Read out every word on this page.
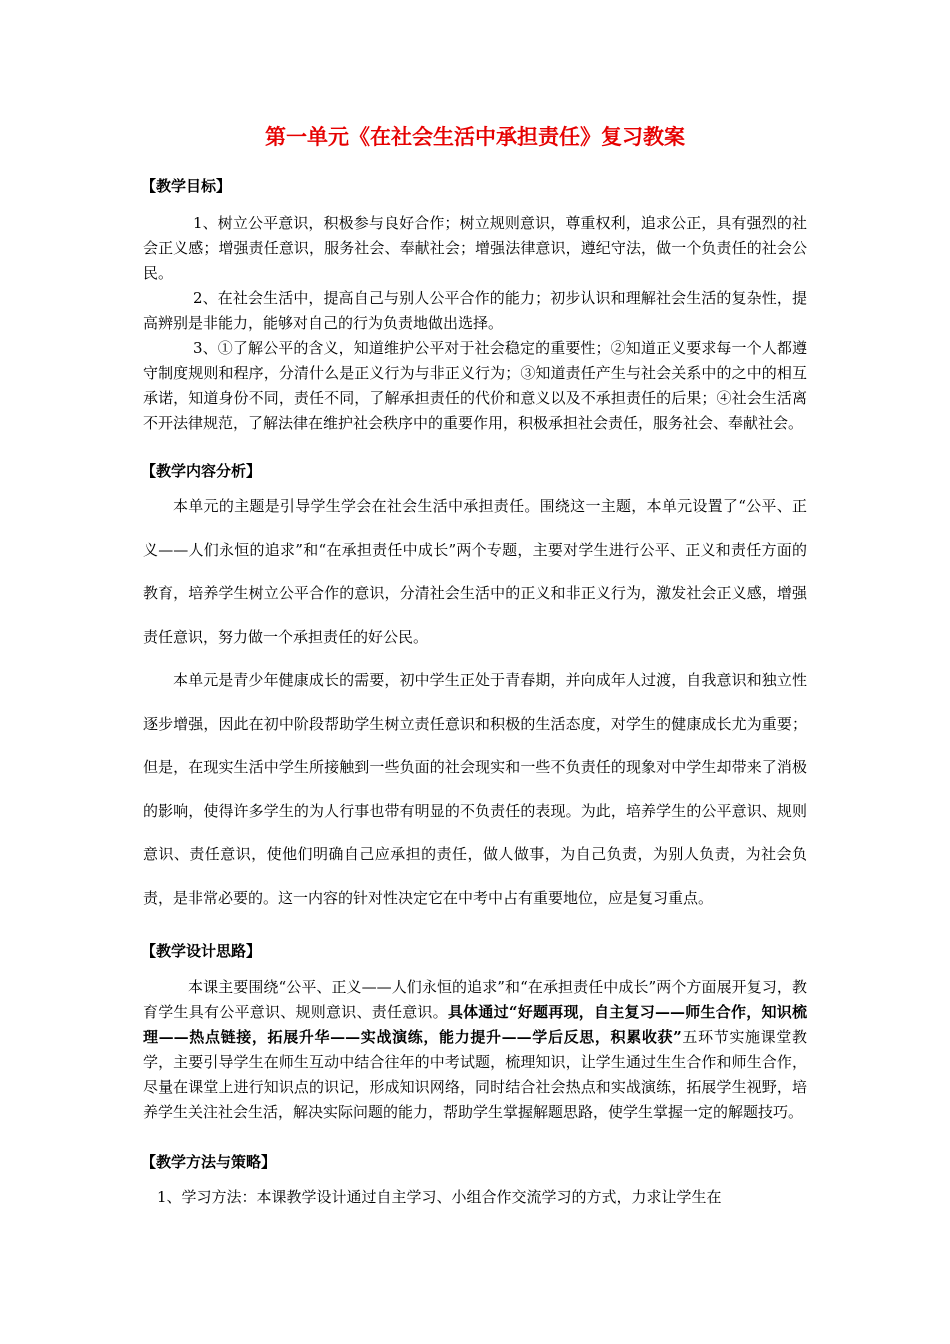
第一单元《在社会生活中承担责任》复习教案
【教学目标】
1、树立公平意识，积极参与良好合作；树立规则意识，尊重权利，追求公正，具有强烈的社会正义感；增强责任意识，服务社会、奉献社会；增强法律意识，遵纪守法，做一个负责任的社会公民。
2、在社会生活中，提高自己与别人公平合作的能力；初步认识和理解社会生活的复杂性，提高辨别是非能力，能够对自己的行为负责地做出选择。
3、①了解公平的含义，知道维护公平对于社会稳定的重要性；②知道正义要求每一个人都遵守制度规则和程序，分清什么是正义行为与非正义行为；③知道责任产生与社会关系中的之中的相互承诺，知道身份不同，责任不同，了解承担责任的代价和意义以及不承担责任的后果；④社会生活离不开法律规范，了解法律在维护社会秩序中的重要作用，积极承担社会责任，服务社会、奉献社会。
【教学内容分析】
本单元的主题是引导学生学会在社会生活中承担责任。围绕这一主题，本单元设置了“公平、正义——人们永恒的追求”和“在承担责任中成长”两个专题，主要对学生进行公平、正义和责任方面的教育，培养学生树立公平合作的意识，分清社会生活中的正义和非正义行为，激发社会正义感，增强责任意识，努力做一个承担责任的好公民。
本单元是青少年健康成长的需要，初中学生正处于青春期，并向成年人过渡，自我意识和独立性逐步增强，因此在初中阶段帮助学生树立责任意识和积极的生活态度，对学生的健康成长尤为重要；但是，在现实生活中学生所接触到一些负面的社会现实和一些不负责任的现象对中学生却带来了消极的影响，使得许多学生的为人行事也带有明显的不负责任的表现。为此，培养学生的公平意识、规则意识、责任意识，使他们明确自己应承担的责任，做人做事，为自己负责，为别人负责，为社会负责，是非常必要的。这一内容的针对性决定它在中考中占有重要地位，应是复习重点。
【教学设计思路】
本课主要围绕“公平、正义——人们永恒的追求”和“在承担责任中成长”两个方面展开复习，教育学生具有公平意识、规则意识、责任意识。具体通过“好题再现，自主复习——师生合作，知识梳理——热点链接，拓展升华——实战演练，能力提升——学后反思，积累收获”五环节实施课堂教学，主要引导学生在师生互动中结合往年的中考试题，梳理知识，让学生通过生生合作和师生合作，尽量在课堂上进行知识点的识记，形成知识网络，同时结合社会热点和实战演练，拓展学生视野，培养学生关注社会生活，解决实际问题的能力，帮助学生掌握解题思路，使学生掌握一定的解题技巧。
【教学方法与策略】
1、学习方法：本课教学设计通过自主学习、小组合作交流学习的方式，力求让学生在
